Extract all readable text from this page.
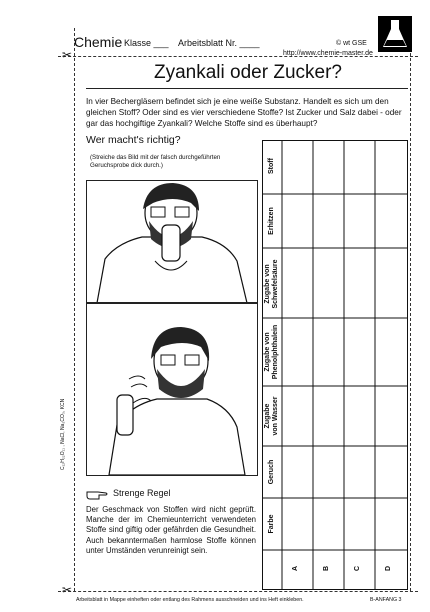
✂
✂
Chemie Klasse ___ Arbeitsblatt Nr. ____	© wt GSE
http://www.chemie-master.de
Zyankali oder Zucker?
In vier Bechergläsern befindet sich je eine weiße Substanz. Handelt es sich um den gleichen Stoff? Oder sind es vier verschiedene Stoffe? Ist Zucker und Salz dabei - oder gar das hochgiftige Zyankali? Welche Stoffe sind es überhaupt?
Wer macht's richtig?
(Streiche das Bild mit der falsch durchgeführten Geruchsprobe dick durch.)
Strenge Regel
Der Geschmack von Stoffen wird nicht geprüft. Manche der im Chemieunterricht verwendeten Stoffe sind giftig oder gefährden die Gesundheit. Auch bekanntermaßen harmlose Stoffe können unter Umständen verunreinigt sein.
C₁₂H₂₂O₁₁ , NaCl, Na₂CO₃, KCN
Stoff
Erhitzen
Zugabe von
Schwefelsäure
Zugabe von
Phenolphthalein
Zugabe
von Wasser
Geruch
Farbe
A	B	C	D
Arbeitsblatt in Mappe einheften oder entlang des Rahmens ausschneiden und ins Heft einkleben.	B-ANFANG 3
